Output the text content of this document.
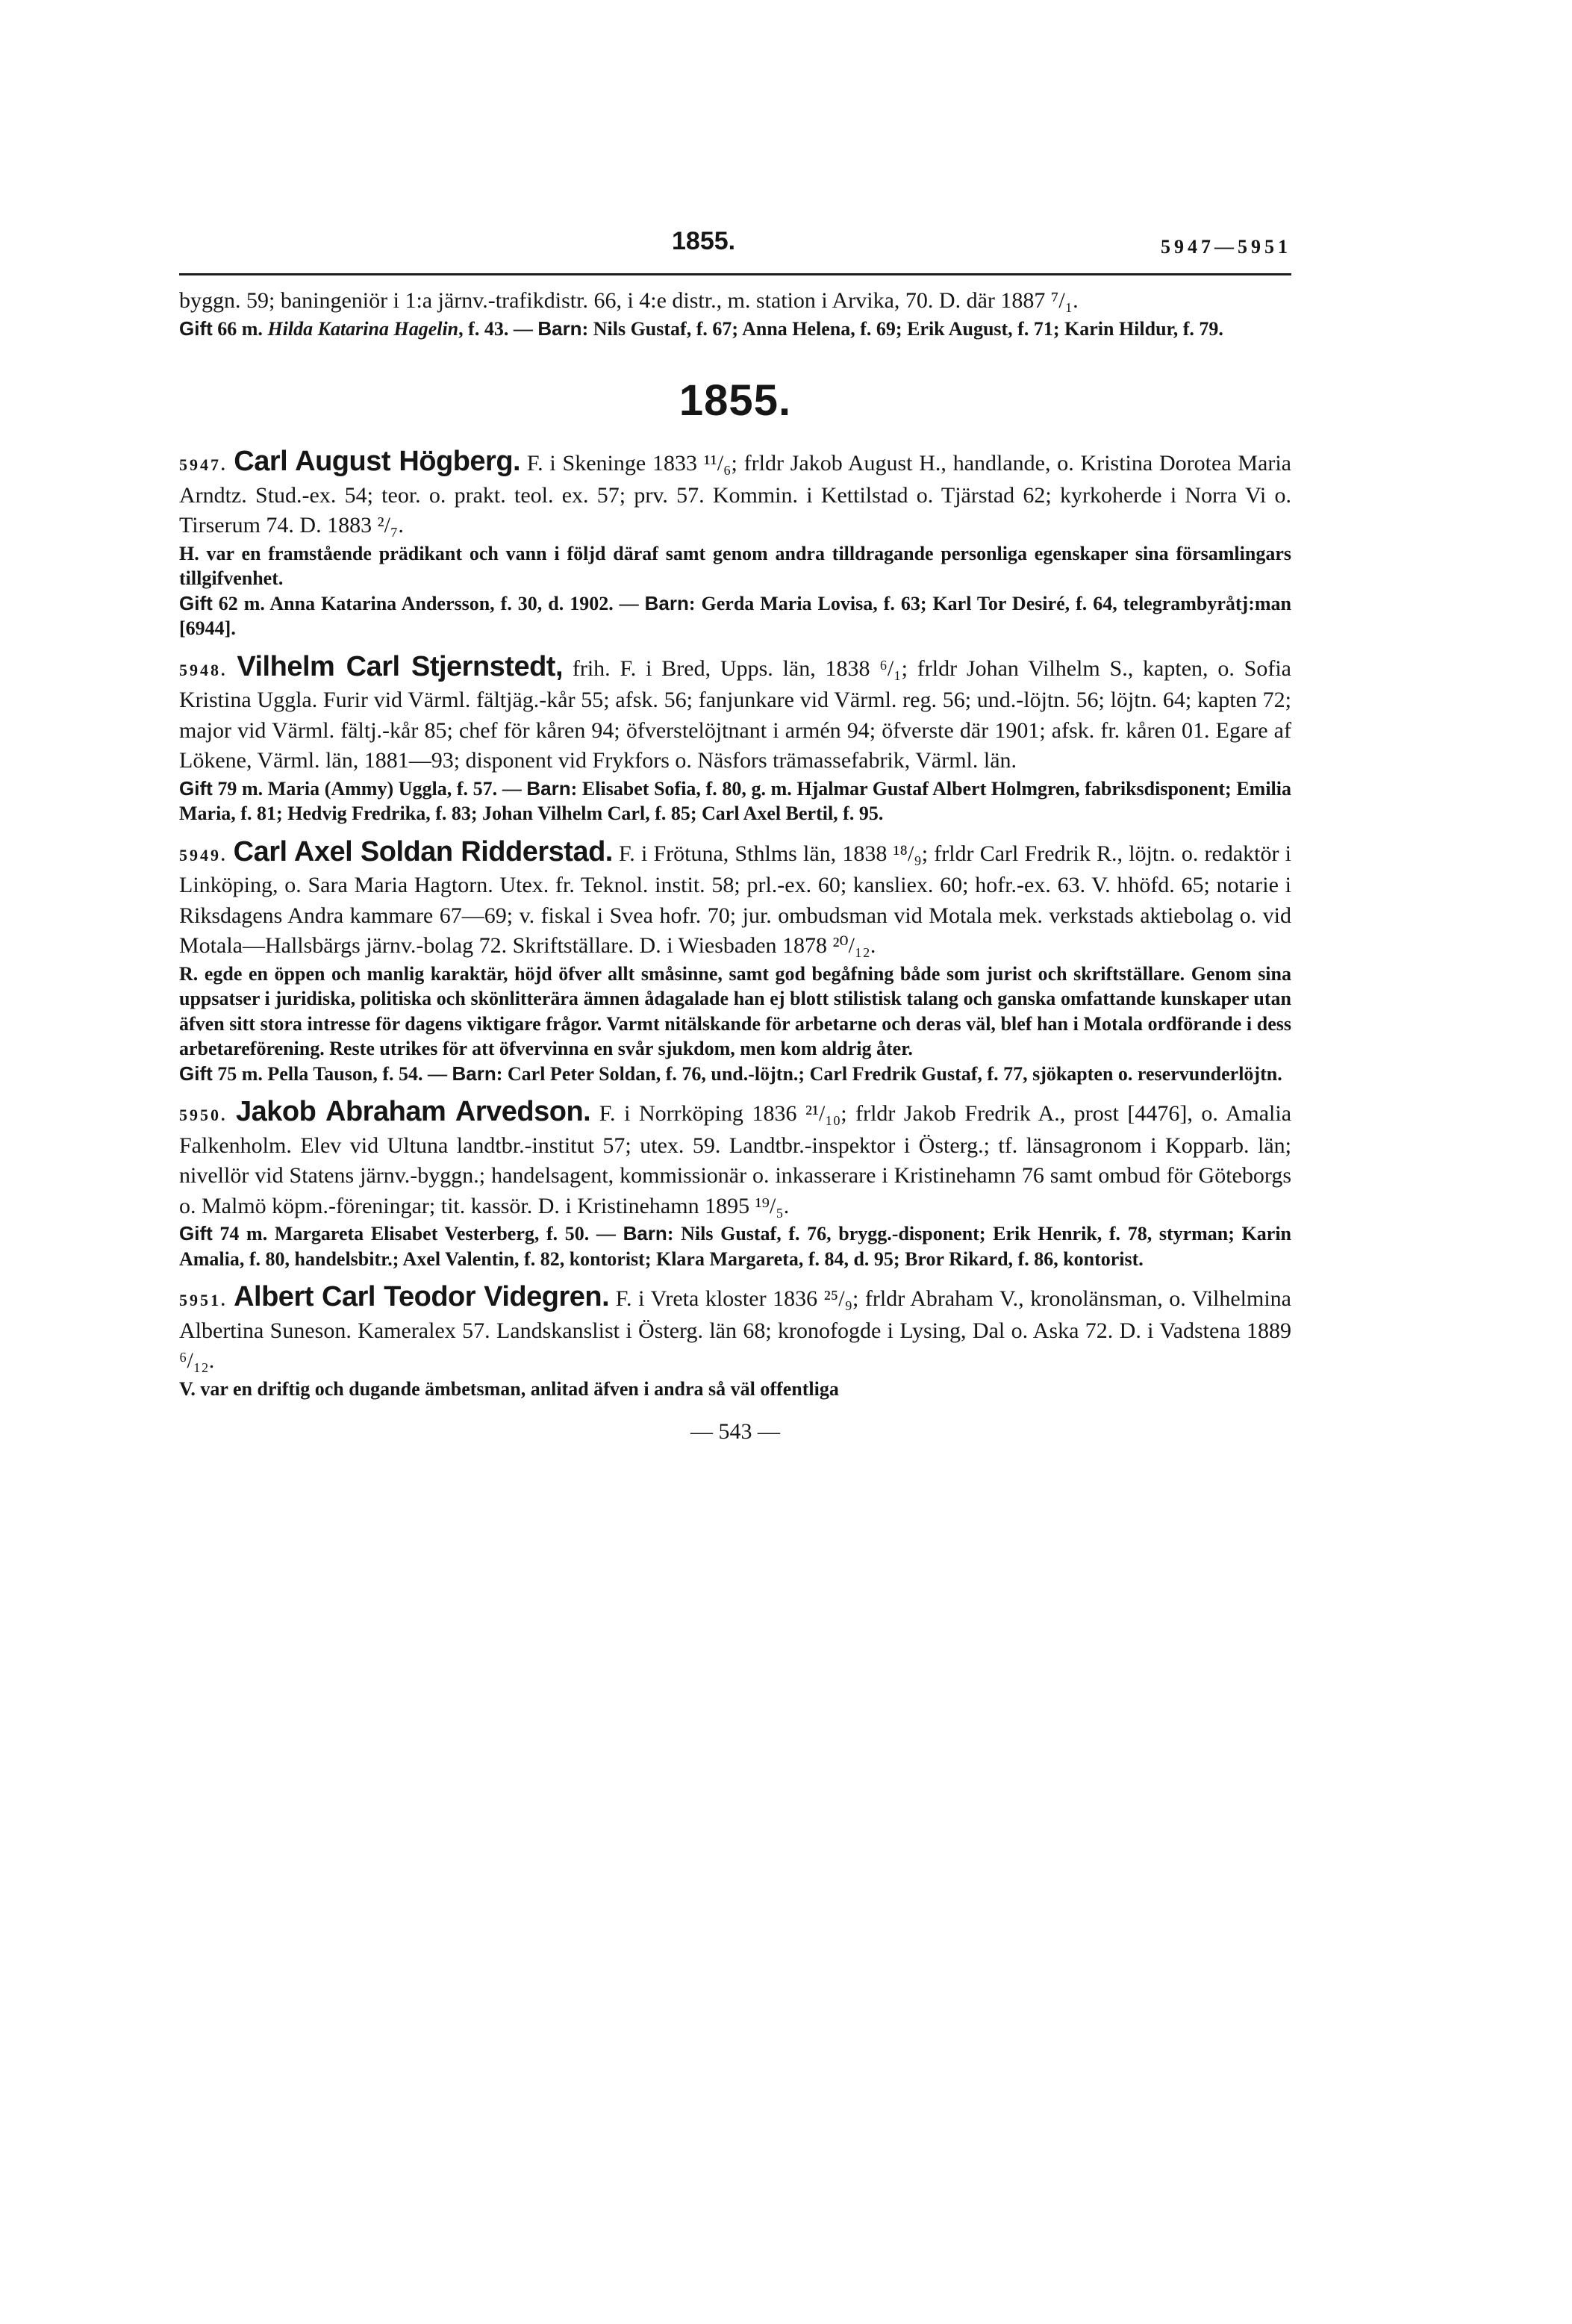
1855.	5947—5951

byggn. 59; baningeniör i 1:a järnv.-trafikdistr. 66, i 4:e distr., m. station i Arvika, 70. D. där 1887 ⁷/₁.

Gift 66 m. Hilda Katarina Hagelin, f. 43. — Barn: Nils Gustaf, f. 67; Anna Helena, f. 69; Erik August, f. 71; Karin Hildur, f. 79.

1855.

5947. Carl August Högberg. F. i Skeninge 1833 ¹¹/₆; frldr Jakob August H., handlande, o. Kristina Dorotea Maria Arndtz. Stud.-ex. 54; teor. o. prakt. teol. ex. 57; prv. 57. Kommin. i Kettilstad o. Tjärstad 62; kyrkoherde i Norra Vi o. Tirserum 74. D. 1883 ²/₇.

H. var en framstående prädikant och vann i följd däraf samt genom andra tilldragande personliga egenskaper sina församlingars tillgifvenhet.

Gift 62 m. Anna Katarina Andersson, f. 30, d. 1902. — Barn: Gerda Maria Lovisa, f. 63; Karl Tor Desiré, f. 64, telegrambyråtj:man [6944].

5948. Vilhelm Carl Stjernstedt, frih. F. i Bred, Upps. län, 1838 ⁶/₁; frldr Johan Vilhelm S., kapten, o. Sofia Kristina Uggla. Furir vid Värml. fältjäg.-kår 55; afsk. 56; fanjunkare vid Värml. reg. 56; und.-löjtn. 56; löjtn. 64; kapten 72; major vid Värml. fältj.-kår 85; chef för kåren 94; öfverstelöjtnant i armén 94; öfverste där 1901; afsk. fr. kåren 01. Egare af Lökene, Värml. län, 1881—93; disponent vid Frykfors o. Näsfors trämassefabrik, Värml. län.

Gift 79 m. Maria (Ammy) Uggla, f. 57. — Barn: Elisabet Sofia, f. 80, g. m. Hjalmar Gustaf Albert Holmgren, fabriksdisponent; Emilia Maria, f. 81; Hedvig Fredrika, f. 83; Johan Vilhelm Carl, f. 85; Carl Axel Bertil, f. 95.

5949. Carl Axel Soldan Ridderstad. F. i Frötuna, Sthlms län, 1838 ¹⁸/₉; frldr Carl Fredrik R., löjtn. o. redaktör i Linköping, o. Sara Maria Hagtorn. Utex. fr. Teknol. instit. 58; prl.-ex. 60; kansliex. 60; hofr.-ex. 63. V. hhöfd. 65; notarie i Riksdagens Andra kammare 67—69; v. fiskal i Svea hofr. 70; jur. ombudsman vid Motala mek. verkstads aktiebolag o. vid Motala—Hallsbärgs järnv.-bolag 72. Skriftställare. D. i Wiesbaden 1878 ²⁰/₁₂.

R. egde en öppen och manlig karaktär, höjd öfver allt småsinne, samt god begåfning både som jurist och skriftställare. Genom sina uppsatser i juridiska, politiska och skönlitterära ämnen ådagalade han ej blott stilistisk talang och ganska omfattande kunskaper utan äfven sitt stora intresse för dagens viktigare frågor. Varmt nitälskande för arbetarne och deras väl, blef han i Motala ordförande i dess arbetareförening. Reste utrikes för att öfvervinna en svår sjukdom, men kom aldrig åter.

Gift 75 m. Pella Tauson, f. 54. — Barn: Carl Peter Soldan, f. 76, und.-löjtn.; Carl Fredrik Gustaf, f. 77, sjökapten o. reservunderlöjtn.

5950. Jakob Abraham Arvedson. F. i Norrköping 1836 ²¹/₁₀; frldr Jakob Fredrik A., prost [4476], o. Amalia Falkenholm. Elev vid Ultuna landtbr.-institut 57; utex. 59. Landtbr.-inspektor i Österg.; tf. länsagronom i Kopparb. län; nivellör vid Statens järnv.-byggn.; handelsagent, kommissionär o. inkasserare i Kristinehamn 76 samt ombud för Göteborgs o. Malmö köpm.-föreningar; tit. kassör. D. i Kristinehamn 1895 ¹⁹/₅.

Gift 74 m. Margareta Elisabet Vesterberg, f. 50. — Barn: Nils Gustaf, f. 76, brygg.-disponent; Erik Henrik, f. 78, styrman; Karin Amalia, f. 80, handelsbitr.; Axel Valentin, f. 82, kontorist; Klara Margareta, f. 84, d. 95; Bror Rikard, f. 86, kontorist.

5951. Albert Carl Teodor Videgren. F. i Vreta kloster 1836 ²⁵/₉; frldr Abraham V., kronolänsman, o. Vilhelmina Albertina Suneson. Kameralex 57. Landskanslist i Österg. län 68; kronofogde i Lysing, Dal o. Aska 72. D. i Vadstena 1889 ⁶/₁₂.

V. var en driftig och dugande ämbetsman, anlitad äfven i andra så väl offentliga

— 543 —
